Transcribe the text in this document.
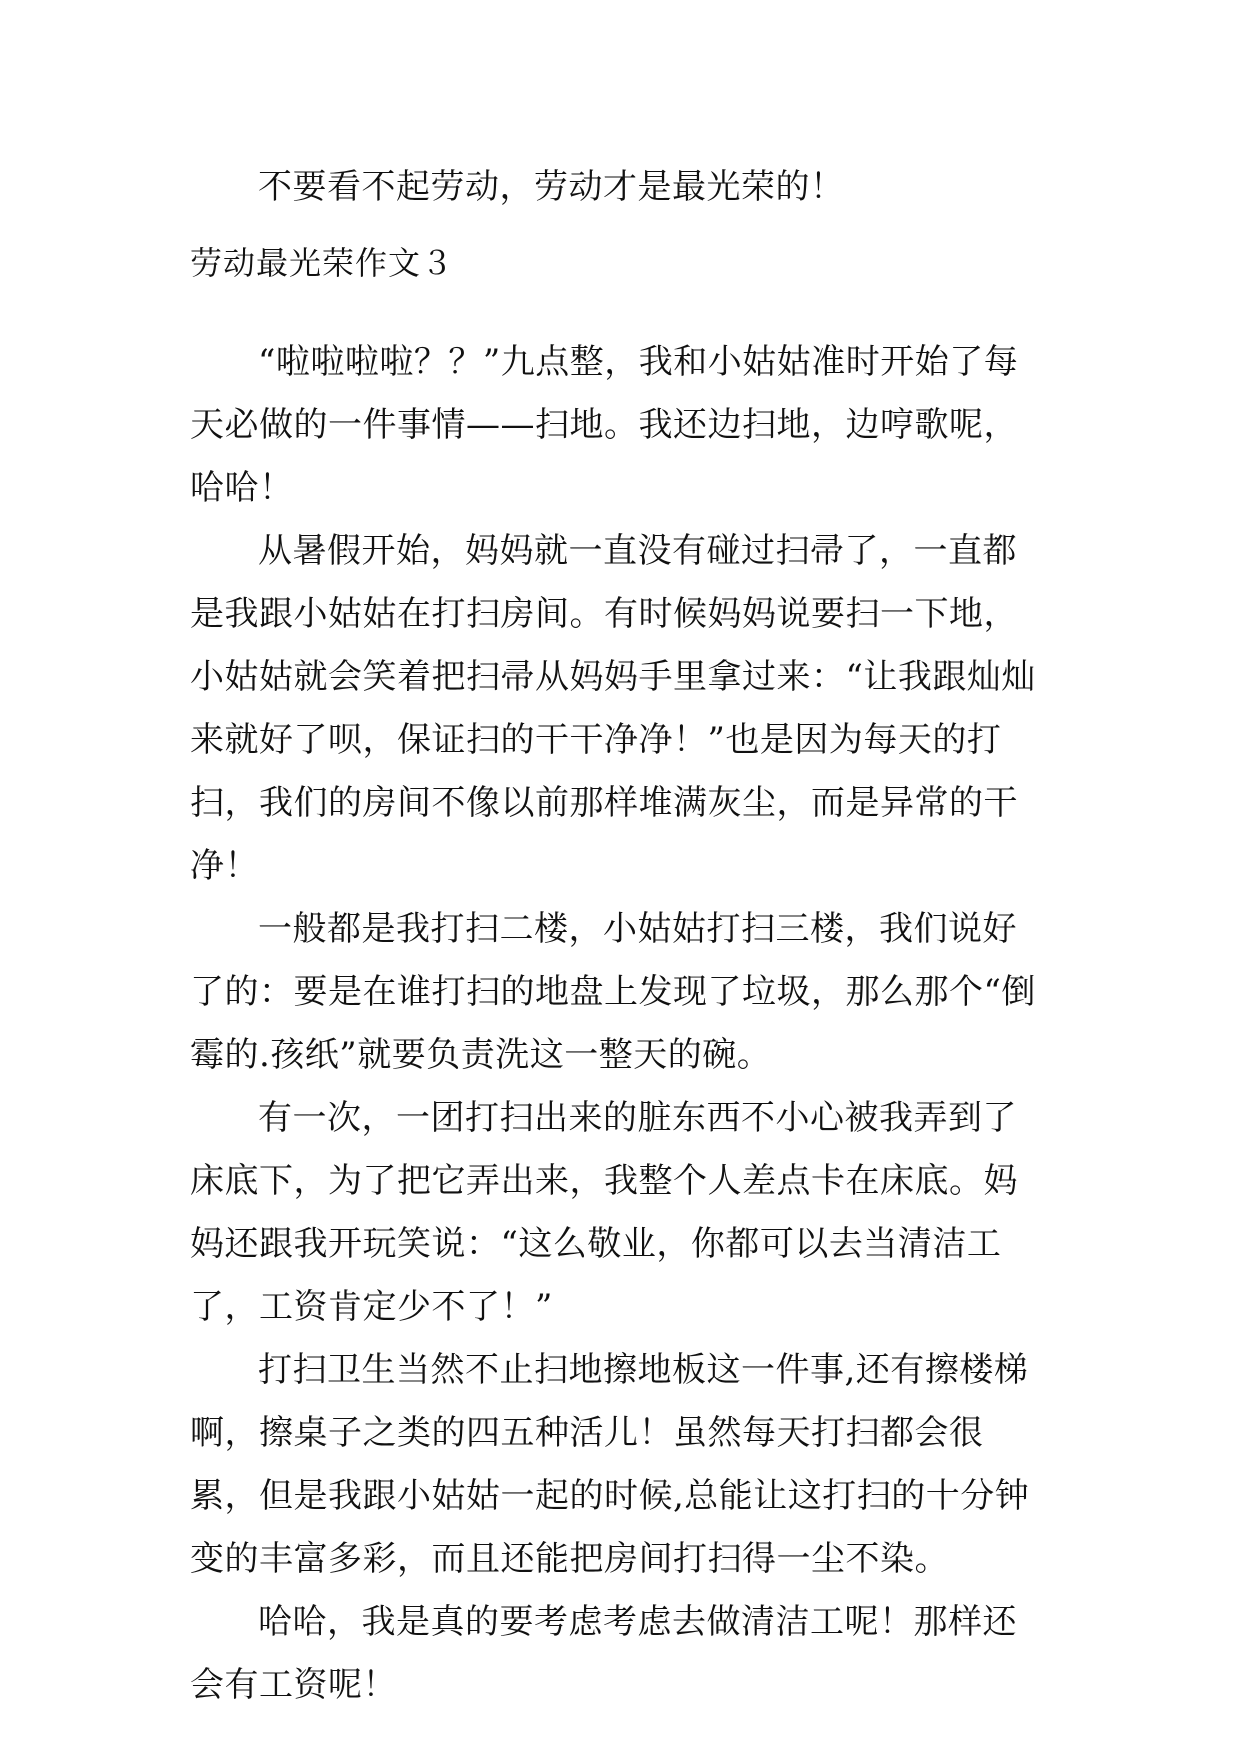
不要看不起劳动，劳动才是最光荣的！

劳动最光荣作文３

“啦啦啦啦？？”九点整，我和小姑姑准时开始了每天必做的一件事情——扫地。我还边扫地，边哼歌呢，哈哈！

从暑假开始，妈妈就一直没有碰过扫帚了，一直都是我跟小姑姑在打扫房间。有时候妈妈说要扫一下地，小姑姑就会笑着把扫帚从妈妈手里拿过来：“让我跟灿灿来就好了呗，保证扫的干干净净！”也是因为每天的打扫，我们的房间不像以前那样堆满灰尘，而是异常的干净！

一般都是我打扫二楼，小姑姑打扫三楼，我们说好了的：要是在谁打扫的地盘上发现了垃圾，那么那个“倒霉的.孩纸”就要负责洗这一整天的碗。

有一次，一团打扫出来的脏东西不小心被我弄到了床底下，为了把它弄出来，我整个人差点卡在床底。妈妈还跟我开玩笑说：“这么敬业，你都可以去当清洁工了，工资肯定少不了！”

打扫卫生当然不止扫地擦地板这一件事,还有擦楼梯啊，擦桌子之类的四五种活儿！虽然每天打扫都会很累，但是我跟小姑姑一起的时候,总能让这打扫的十分钟变的丰富多彩，而且还能把房间打扫得一尘不染。

哈哈，我是真的要考虑考虑去做清洁工呢！那样还会有工资呢！
